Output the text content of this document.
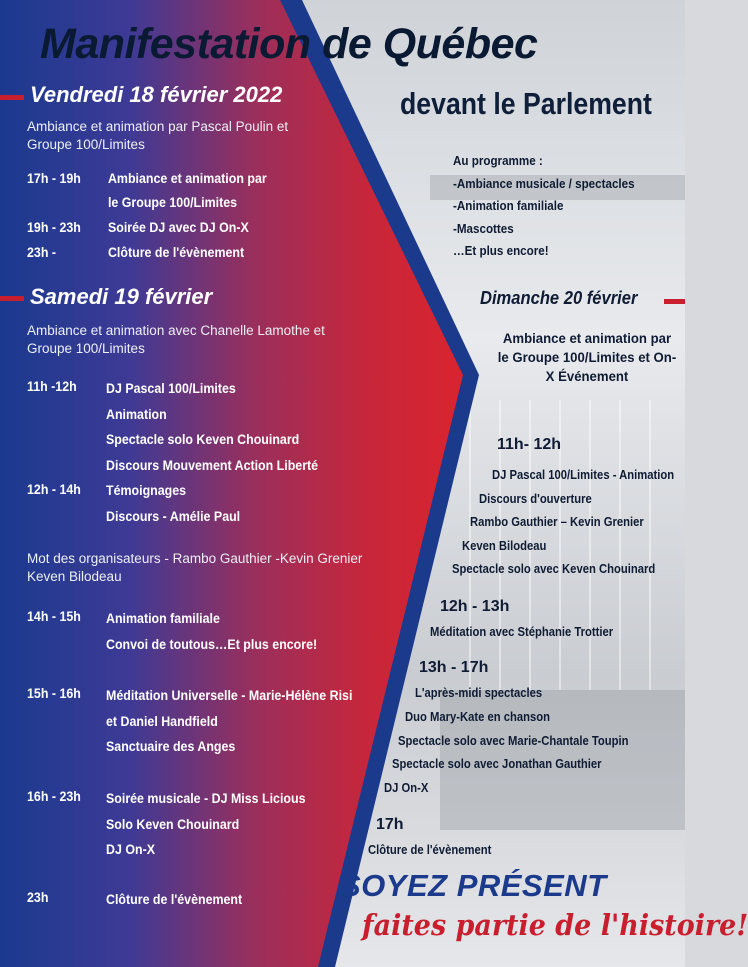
Manifestation de Québec
devant le Parlement
Vendredi 18 février 2022
Ambiance et animation par Pascal Poulin et Groupe 100/Limites
17h - 19h Ambiance et animation par
le Groupe 100/Limites
19h - 23h Soirée DJ avec DJ On-X
23h -	Clôture de l'évènement
Samedi 19 février
Ambiance et animation avec Chanelle Lamothe et Groupe 100/Limites
11h -12h DJ Pascal 100/Limites
Animation
Spectacle solo Keven Chouinard
Discours Mouvement Action Liberté
12h - 14h Témoignages
Discours - Amélie Paul
Mot des organisateurs - Rambo Gauthier -Kevin Grenier Keven Bilodeau
14h - 15h Animation familiale
Convoi de toutous…Et plus encore!
15h - 16h Méditation Universelle - Marie-Hélène Risi
et Daniel Handfield
Sanctuaire des Anges
16h - 23h Soirée musicale - DJ Miss Licious
Solo Keven Chouinard
DJ On-X
23h	Clôture de l'évènement
Au programme :
-Ambiance musicale / spectacles
-Animation familiale
-Mascottes
…Et plus encore!
Dimanche 20 février
Ambiance et animation par le Groupe 100/Limites et On-X Événement
11h- 12h
DJ Pascal 100/Limites - Animation
Discours d'ouverture
Rambo Gauthier – Kevin Grenier
Keven Bilodeau
Spectacle solo avec Keven Chouinard
12h - 13h
Méditation avec Stéphanie Trottier
13h - 17h
L'après-midi spectacles
Duo Mary-Kate en chanson
Spectacle solo avec Marie-Chantale Toupin
Spectacle solo avec Jonathan Gauthier
DJ On-X
17h
Clôture de l'évènement
SOYEZ PRÉSENT
faites partie de l'histoire!
